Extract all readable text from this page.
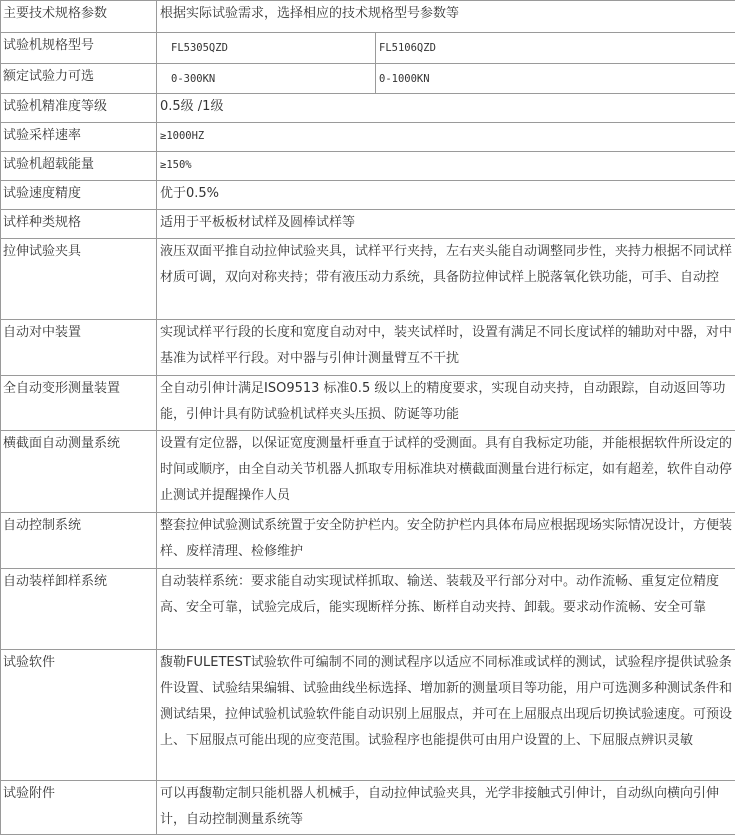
主要技术规格参数	根据实际试验需求，选择相应的技术规格型号参数等	
试验机规格型号	FL5305QZD	FL5106QZD
额定试验力可选	0-300KN	0-1000KN
试验机精准度等级	0.5级 /1级	
试验采样速率	≥1000HZ	
试验机超载能量	≥150%	
试验速度精度	优于0.5%	
试样种类规格	适用于平板板材试样及圆棒试样等	
拉伸试验夹具	液压双面平推自动拉伸试验夹具，试样平行夹持，左右夹头能自动调整同步性，夹持力根据不同试样材质可调，双向对称夹持；带有液压动力系统，具备防拉伸试样上脱落氧化铁功能，可手、自动控	
自动对中装置	实现试样平行段的长度和宽度自动对中，装夹试样时，设置有满足不同长度试样的辅助对中器，对中基准为试样平行段。对中器与引伸计测量臂互不干扰	
全自动变形测量装置	全自动引伸计满足ISO9513 标准0.5 级以上的精度要求，实现自动夹持，自动跟踪，自动返回等功能，引伸计具有防试验机试样夹头压损、防诞等功能	
横截面自动测量系统	设置有定位器，以保证宽度测量杆垂直于试样的受测面。具有自我标定功能，并能根据软件所设定的时间或顺序，由全自动关节机器人抓取专用标准块对横截面测量台进行标定，如有超差，软件自动停止测试并提醒操作人员	
自动控制系统	整套拉伸试验测试系统置于安全防护栏内。安全防护栏内具体布局应根据现场实际情况设计，方便装样、废样清理、检修维护	
自动装样卸样系统	自动装样系统：要求能自动实现试样抓取、输送、装载及平行部分对中。动作流畅、重复定位精度高、安全可靠，试验完成后，能实现断样分拣、断样自动夹持、卸载。要求动作流畅、安全可靠	
试验软件	馥勒FULETEST试验软件可编制不同的测试程序以适应不同标准或试样的测试，试验程序提供试验条件设置、试验结果编辑、试验曲线坐标选择、增加新的测量项目等功能，用户可选测多种测试条件和测试结果，拉伸试验机试验软件能自动识别上屈服点，并可在上屈服点出现后切换试验速度。可预设上、下屈服点可能出现的应变范围。试验程序也能提供可由用户设置的上、下屈服点辨识灵敏	
试验附件	可以再馥勒定制只能机器人机械手，自动拉伸试验夹具，光学非接触式引伸计，自动纵向横向引伸计，自动控制测量系统等	
